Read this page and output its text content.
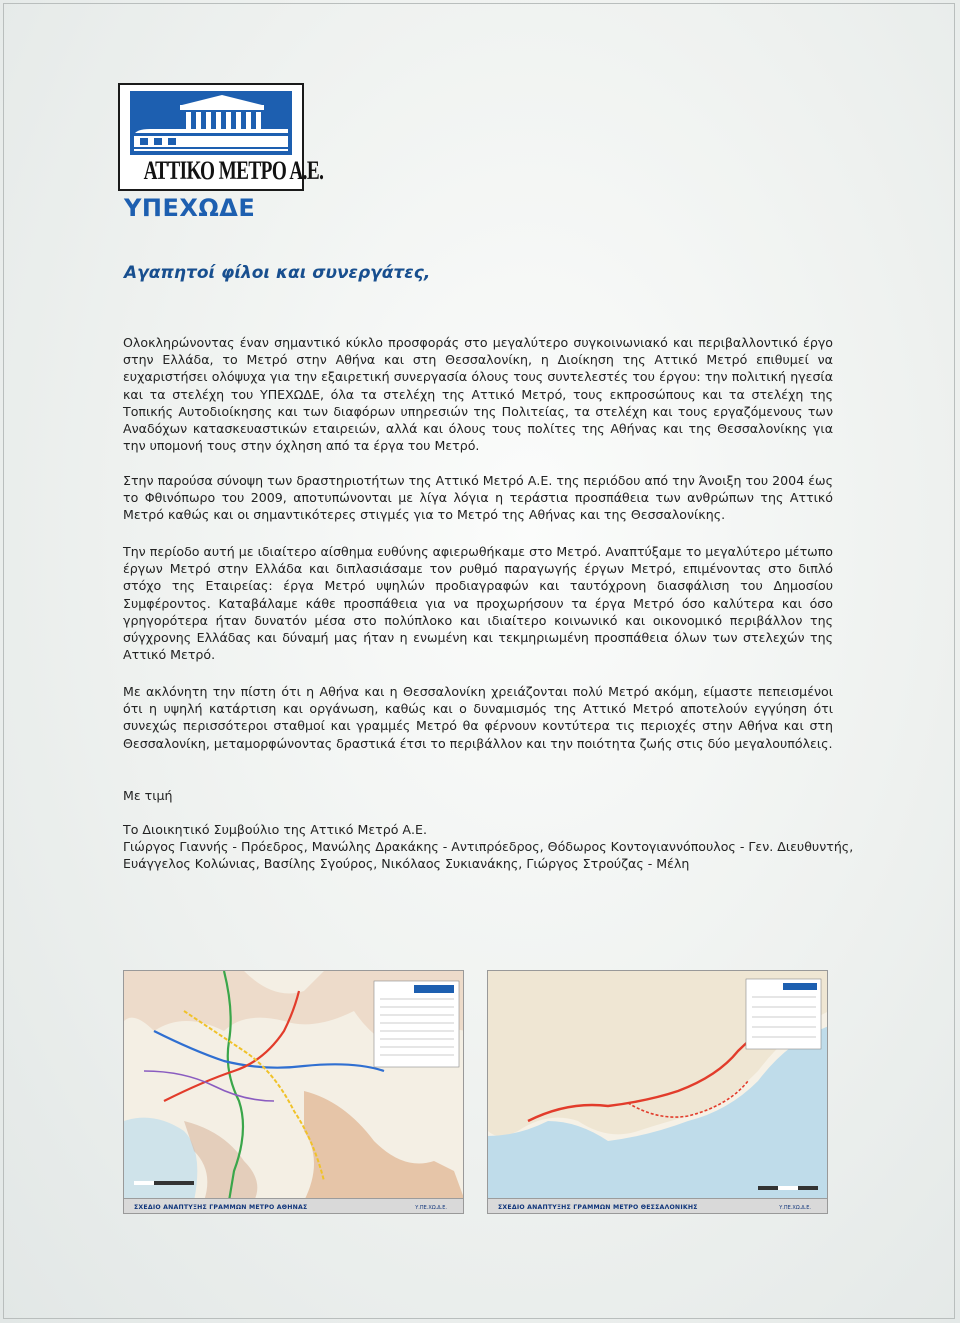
ΑΤΤΙΚΟ ΜΕΤΡΟ Α.Ε.
ΥΠΕΧΩΔΕ
Αγαπητοί φίλοι και συνεργάτες,

Ολοκληρώνοντας έναν σημαντικό κύκλο προσφοράς στο μεγαλύτερο συγκοινωνιακό και περιβαλλοντικό έργο στην Ελλάδα, το Μετρό στην Αθήνα και στη Θεσσαλονίκη, η Διοίκηση της Αττικό Μετρό επιθυμεί να ευχαριστήσει ολόψυχα για την εξαιρετική συνεργασία όλους τους συντελεστές του έργου: την πολιτική ηγεσία και τα στελέχη του ΥΠΕΧΩΔΕ, όλα τα στελέχη της Αττικό Μετρό, τους εκπροσώπους και τα στελέχη της Τοπικής Αυτοδιοίκησης και των διαφόρων υπηρεσιών της Πολιτείας, τα στελέχη και τους εργαζόμενους των Αναδόχων κατασκευαστικών εταιρειών, αλλά και όλους τους πολίτες της Αθήνας και της Θεσσαλονίκης για την υπομονή τους στην όχληση από τα έργα του Μετρό.

Στην παρούσα σύνοψη των δραστηριοτήτων της Αττικό Μετρό Α.Ε. της περιόδου από την Άνοιξη του 2004 έως το Φθινόπωρο του 2009, αποτυπώνονται με λίγα λόγια η τεράστια προσπάθεια των ανθρώπων της Αττικό Μετρό καθώς και οι σημαντικότερες στιγμές για το Μετρό της Αθήνας και της Θεσσαλονίκης.

Την περίοδο αυτή με ιδιαίτερο αίσθημα ευθύνης αφιερωθήκαμε στο Μετρό. Αναπτύξαμε το μεγαλύτερο μέτωπο έργων Μετρό στην Ελλάδα και διπλασιάσαμε τον ρυθμό παραγωγής έργων Μετρό, επιμένοντας στο διπλό στόχο της Εταιρείας: έργα Μετρό υψηλών προδιαγραφών και ταυτόχρονη διασφάλιση του Δημοσίου Συμφέροντος. Καταβάλαμε κάθε προσπάθεια για να προχωρήσουν τα έργα Μετρό όσο καλύτερα και όσο γρηγορότερα ήταν δυνατόν μέσα στο πολύπλοκο και ιδιαίτερο κοινωνικό και οικονομικό περιβάλλον της σύγχρονης Ελλάδας και δύναμή μας ήταν η ενωμένη και τεκμηριωμένη προσπάθεια όλων των στελεχών της Αττικό Μετρό.

Με ακλόνητη την πίστη ότι η Αθήνα και η Θεσσαλονίκη χρειάζονται πολύ Μετρό ακόμη, είμαστε πεπεισμένοι ότι η υψηλή κατάρτιση και οργάνωση, καθώς και ο δυναμισμός της Αττικό Μετρό αποτελούν εγγύηση ότι συνεχώς περισσότεροι σταθμοί και γραμμές Μετρό θα φέρνουν κοντύτερα τις περιοχές στην Αθήνα και στη Θεσσαλονίκη, μεταμορφώνοντας δραστικά έτσι το περιβάλλον και την ποιότητα ζωής στις δύο μεγαλουπόλεις.

Με τιμή
Το Διοικητικό Συμβούλιο της Αττικό Μετρό Α.Ε.
Γιώργος Γιαννής - Πρόεδρος, Μανώλης Δρακάκης - Αντιπρόεδρος, Θόδωρος Κοντογιαννόπουλος - Γεν. Διευθυντής,
Ευάγγελος Κολώνιας, Βασίλης Σγούρος, Νικόλαος Συκιανάκης, Γιώργος Στρούζας - Μέλη
ΣΧΕΔΙΟ ΑΝΑΠΤΥΞΗΣ ΓΡΑΜΜΩΝ ΜΕΤΡΟ ΑΘΗΝΑΣ	Υ.ΠΕ.ΧΩ.Δ.Ε.	ΣΧΕΔΙΟ ΑΝΑΠΤΥΞΗΣ ΓΡΑΜΜΩΝ ΜΕΤΡΟ ΘΕΣΣΑΛΟΝΙΚΗΣ	Υ.ΠΕ.ΧΩ.Δ.Ε.
